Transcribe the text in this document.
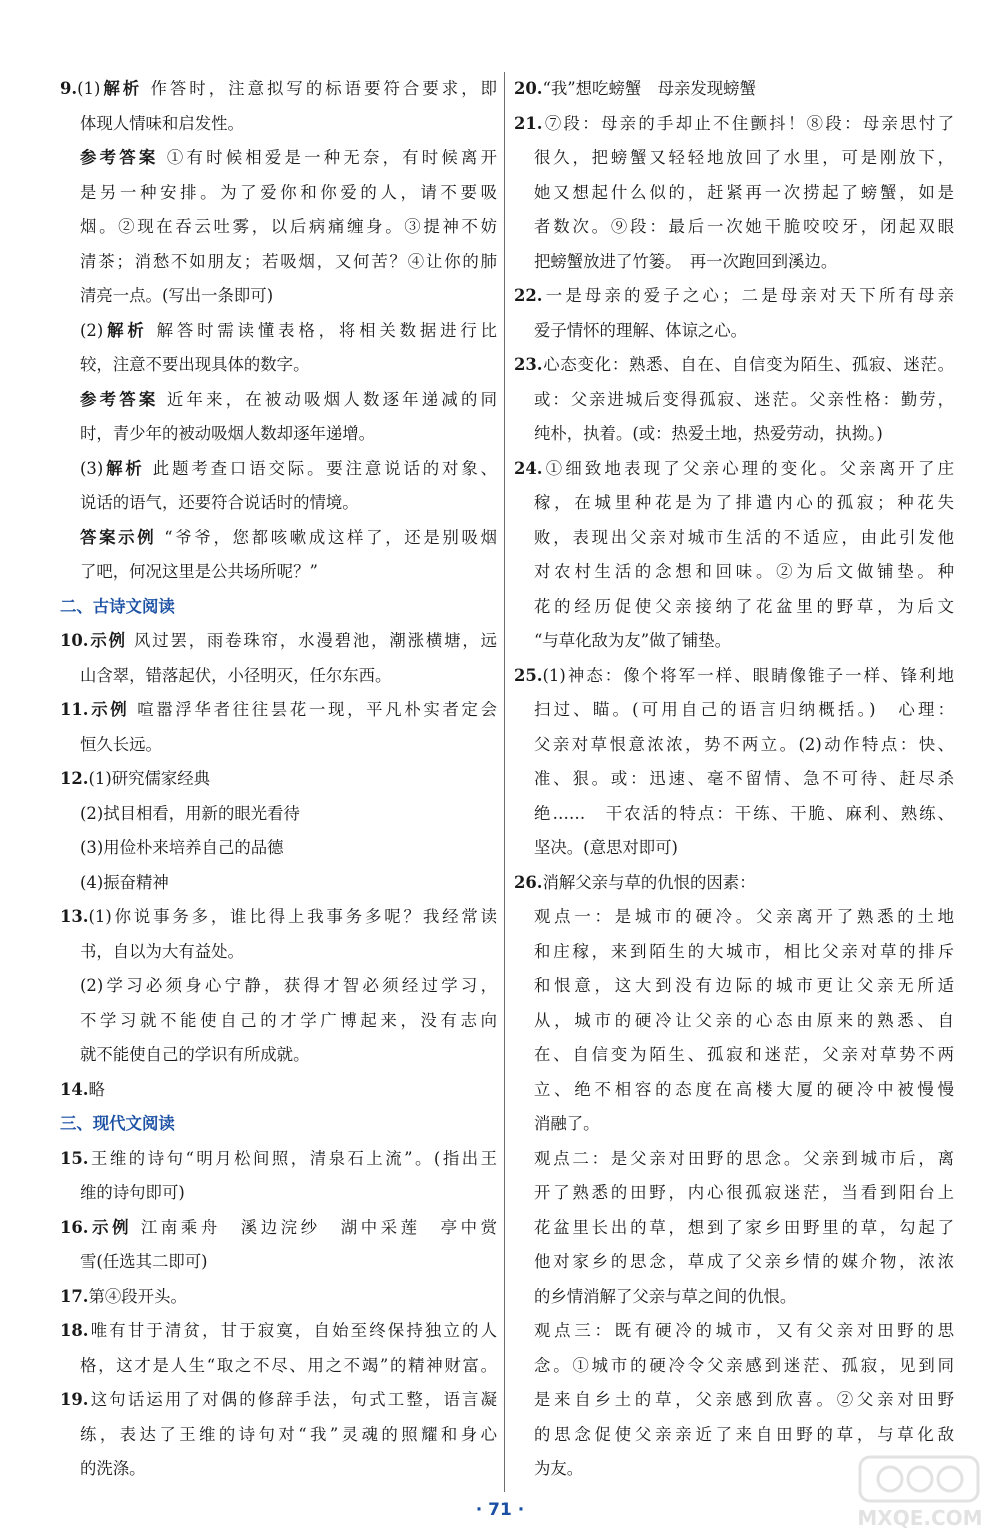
9.(1)解析 作答时，注意拟写的标语要符合要求，即
体现人情味和启发性。
参考答案 ①有时候相爱是一种无奈，有时候离开
是另一种安排。为了爱你和你爱的人，请不要吸
烟。②现在吞云吐雾，以后病痛缠身。③提神不妨
清茶；消愁不如朋友；若吸烟，又何苦？④让你的肺
清亮一点。(写出一条即可)
(2)解析 解答时需读懂表格，将相关数据进行比
较，注意不要出现具体的数字。
参考答案 近年来，在被动吸烟人数逐年递减的同
时，青少年的被动吸烟人数却逐年递增。
(3)解析 此题考查口语交际。要注意说话的对象、
说话的语气，还要符合说话时的情境。
答案示例 “爷爷，您都咳嗽成这样了，还是别吸烟
了吧，何况这里是公共场所呢？”
二、古诗文阅读
10.示例 风过罢，雨卷珠帘，水漫碧池，潮涨横塘，远
山含翠，错落起伏，小径明灭，任尔东西。
11.示例 喧嚣浮华者往往昙花一现，平凡朴实者定会
恒久长远。
12.(1)研究儒家经典
(2)拭目相看，用新的眼光看待
(3)用俭朴来培养自己的品德
(4)振奋精神
13.(1)你说事务多，谁比得上我事务多呢？我经常读
书，自以为大有益处。
(2)学习必须身心宁静，获得才智必须经过学习，
不学习就不能使自己的才学广博起来，没有志向
就不能使自己的学识有所成就。
14.略
三、现代文阅读
15.王维的诗句“明月松间照，清泉石上流”。(指出王
维的诗句即可)
16.示例 江南乘舟　溪边浣纱　湖中采莲　亭中赏
雪(任选其二即可)
17.第④段开头。
18.唯有甘于清贫，甘于寂寞，自始至终保持独立的人
格，这才是人生“取之不尽、用之不竭”的精神财富。
19.这句话运用了对偶的修辞手法，句式工整，语言凝
练，表达了王维的诗句对“我”灵魂的照耀和身心
的洗涤。
20.“我”想吃螃蟹　母亲发现螃蟹
21.⑦段：母亲的手却止不住颤抖！⑧段：母亲思忖了
很久，把螃蟹又轻轻地放回了水里，可是刚放下，
她又想起什么似的，赶紧再一次捞起了螃蟹，如是
者数次。⑨段：最后一次她干脆咬咬牙，闭起双眼
把螃蟹放进了竹篓。　再一次跑回到溪边。
22.一是母亲的爱子之心；二是母亲对天下所有母亲
爱子情怀的理解、体谅之心。
23.心态变化：熟悉、自在、自信变为陌生、孤寂、迷茫。
或：父亲进城后变得孤寂、迷茫。父亲性格：勤劳，
纯朴，执着。(或：热爱土地，热爱劳动，执拗。)
24.①细致地表现了父亲心理的变化。父亲离开了庄
稼，在城里种花是为了排遣内心的孤寂；种花失
败，表现出父亲对城市生活的不适应，由此引发他
对农村生活的念想和回味。②为后文做铺垫。种
花的经历促使父亲接纳了花盆里的野草，为后文
“与草化敌为友”做了铺垫。
25.(1)神态：像个将军一样、眼睛像锥子一样、锋利地
扫过、瞄。(可用自己的语言归纳概括。)　心理：
父亲对草恨意浓浓，势不两立。(2)动作特点：快、
准、狠。或：迅速、毫不留情、急不可待、赶尽杀
绝……　干农活的特点：干练、干脆、麻利、熟练、
坚决。(意思对即可)
26.消解父亲与草的仇恨的因素：
观点一：是城市的硬冷。父亲离开了熟悉的土地
和庄稼，来到陌生的大城市，相比父亲对草的排斥
和恨意，这大到没有边际的城市更让父亲无所适
从，城市的硬冷让父亲的心态由原来的熟悉、自
在、自信变为陌生、孤寂和迷茫，父亲对草势不两
立、绝不相容的态度在高楼大厦的硬冷中被慢慢
消融了。
观点二：是父亲对田野的思念。父亲到城市后，离
开了熟悉的田野，内心很孤寂迷茫，当看到阳台上
花盆里长出的草，想到了家乡田野里的草，勾起了
他对家乡的思念，草成了父亲乡情的媒介物，浓浓
的乡情消解了父亲与草之间的仇恨。
观点三：既有硬冷的城市，又有父亲对田野的思
念。①城市的硬冷令父亲感到迷茫、孤寂，见到同
是来自乡土的草，父亲感到欣喜。②父亲对田野
的思念促使父亲亲近了来自田野的草，与草化敌
为友。
· 71 ·	MXQE.COM
